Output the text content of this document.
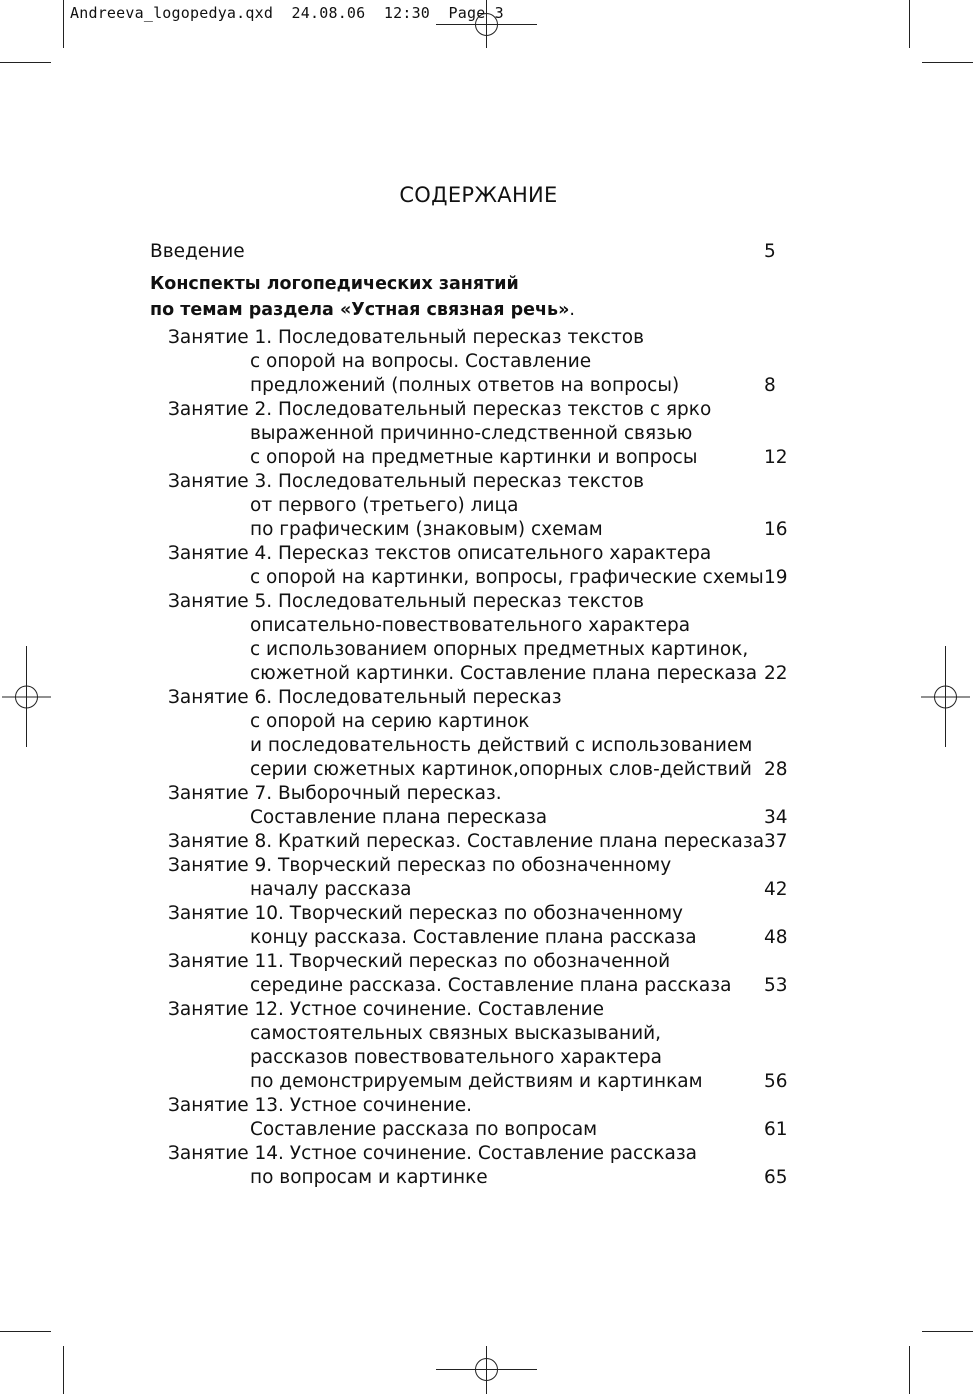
Andreeva_logopedya.qxd 24.08.06 12:30 Page 3
СОДЕРЖАНИЕ
Введение	5
Конспекты логопедических занятий
по темам раздела «Устная связная речь».
Занятие 1. Последовательный пересказ текстов
с опорой на вопросы. Составление
предложений (полных ответов на вопросы)	8
Занятие 2. Последовательный пересказ текстов с ярко
выраженной причинно-следственной связью
с опорой на предметные картинки и вопросы	12
Занятие 3. Последовательный пересказ текстов
от первого (третьего) лица
по графическим (знаковым) схемам	16
Занятие 4. Пересказ текстов описательного характера
с опорой на картинки, вопросы, графические схемы 19
Занятие 5. Последовательный пересказ текстов
описательно-повествовательного характера
с использованием опорных предметных картинок,
сюжетной картинки. Составление плана пересказа 22
Занятие 6. Последовательный пересказ
с опорой на серию картинок
и последовательность действий с использованием
серии сюжетных картинок,опорных слов-действий 28
Занятие 7. Выборочный пересказ.
Составление плана пересказа	34
Занятие 8. Краткий пересказ. Составление плана пересказа 37
Занятие 9. Творческий пересказ по обозначенному
началу рассказа	42
Занятие 10. Творческий пересказ по обозначенному
концу рассказа. Составление плана рассказа	48
Занятие 11. Творческий пересказ по обозначенной
середине рассказа. Составление плана рассказа 53
Занятие 12. Устное сочинение. Составление
самостоятельных связных высказываний,
рассказов повествовательного характера
по демонстрируемым действиям и картинкам	56
Занятие 13. Устное сочинение.
Составление рассказа по вопросам	61
Занятие 14. Устное сочинение. Составление рассказа
по вопросам и картинке	65
